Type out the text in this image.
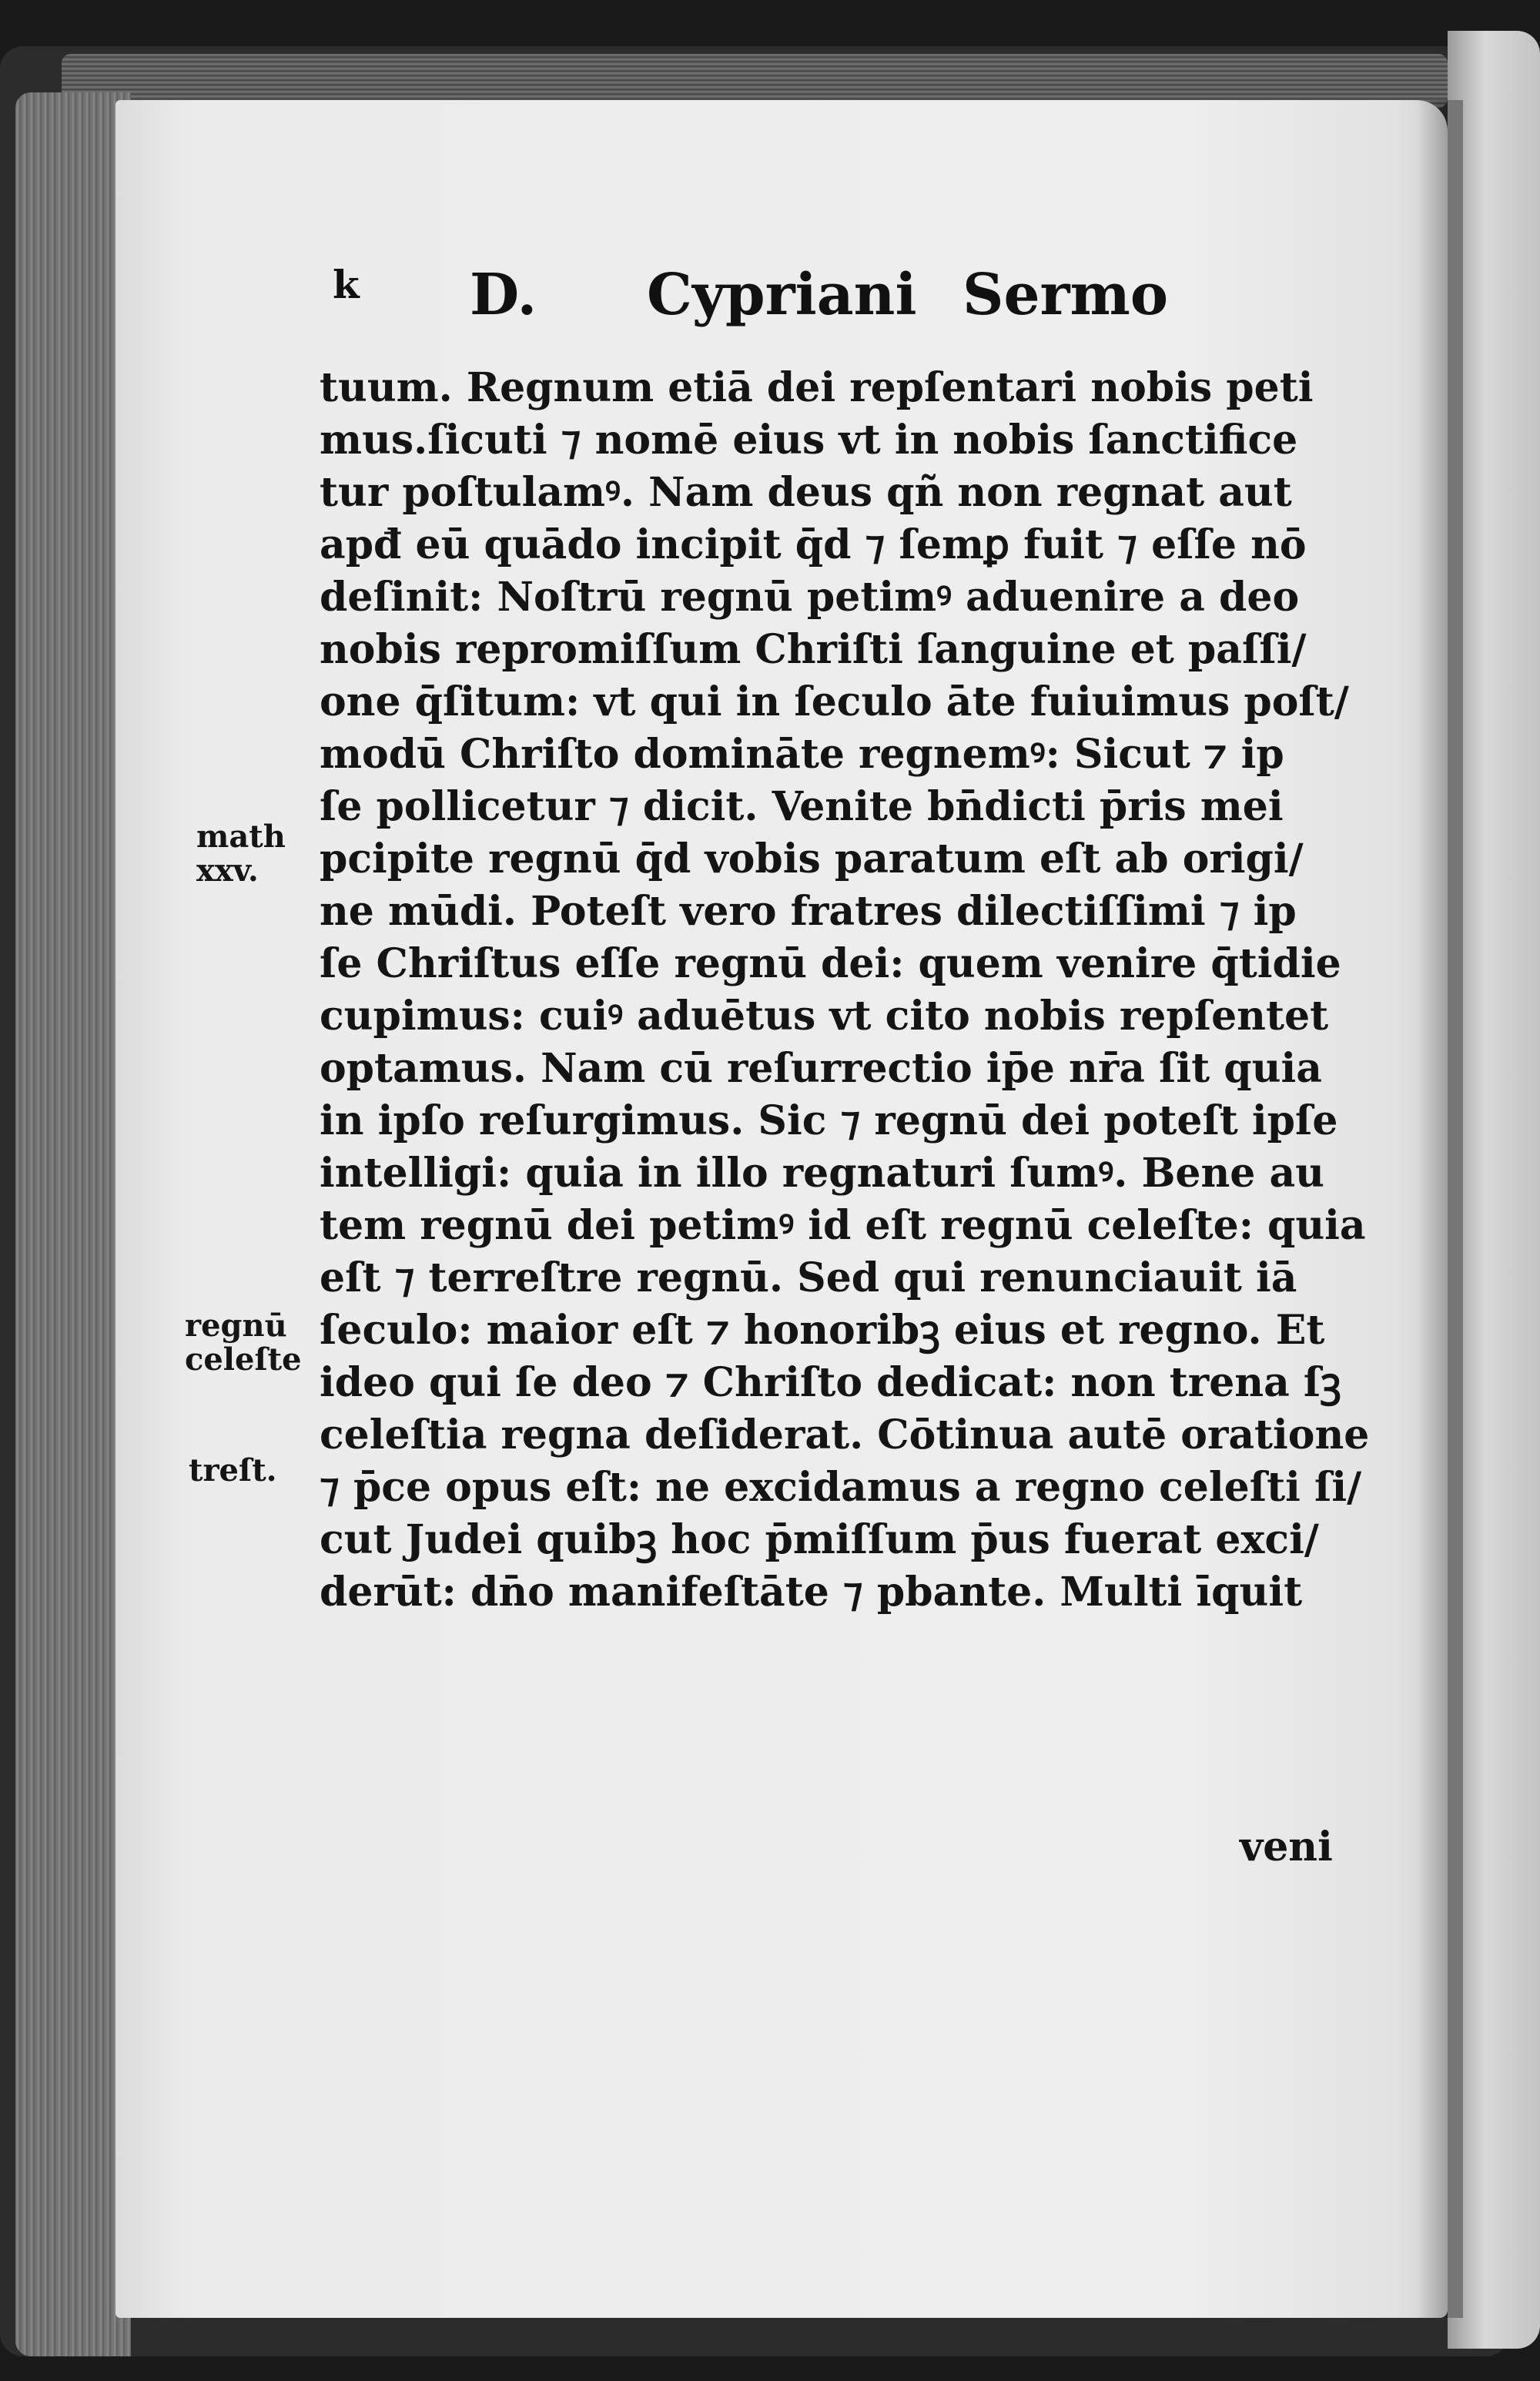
k D. Cypriani Sermo
tuum. Regnum etiā dei repſentari nobis peti
mus.ſicuti ⁊ nomē eius vt in nobis ſanctifice
tur poſtulamꝰ. Nam deus qñ non regnat aut
apđ eū quādo incipit q̄d ⁊ ſemꝑ fuit ⁊ eſſe nō
deſinit: Noſtrū regnū petimꝰ aduenire a deo
nobis repromiſſum Chriſti ſanguine et paſſi/
one q̄ſitum: vt qui in ſeculo āte fuiuimus poſt/
modū Chriſto domināte regnemꝰ: Sicut ⁊ ip
ſe pollicetur ⁊ dicit. Venite bn̄dicti p̄ris mei
pcipite regnū q̄d vobis paratum eſt ab origi/
ne mūdi. Poteſt vero fratres dilectiſſimi ⁊ ip
ſe Chriſtus eſſe regnū dei: quem venire q̄tidie
cupimus: cuiꝰ aduētus vt cito nobis repſentet
optamus. Nam cū reſurrectio ip̄e nr̄a ſit quia
in ipſo reſurgimus. Sic ⁊ regnū dei poteſt ipſe
intelligi: quia in illo regnaturi ſumꝰ. Bene au
tem regnū dei petimꝰ id eſt regnū celeſte: quia
eſt ⁊ terreſtre regnū. Sed qui renunciauit iā
ſeculo: maior eſt ⁊ honoribꝫ eius et regno. Et
ideo qui ſe deo ⁊ Chriſto dedicat: non trena ſꝫ
celeſtia regna deſiderat. Cōtinua autē oratione
⁊ p̄ce opus eſt: ne excidamus a regno celeſti ſi/
cut Judei quibꝫ hoc p̄miſſum p̄us fuerat exci/
derūt: dn̄o manifeſtāte ⁊ pbante. Multi īquit
veni
math
xxv.
regnū
celeſte
treſt.
